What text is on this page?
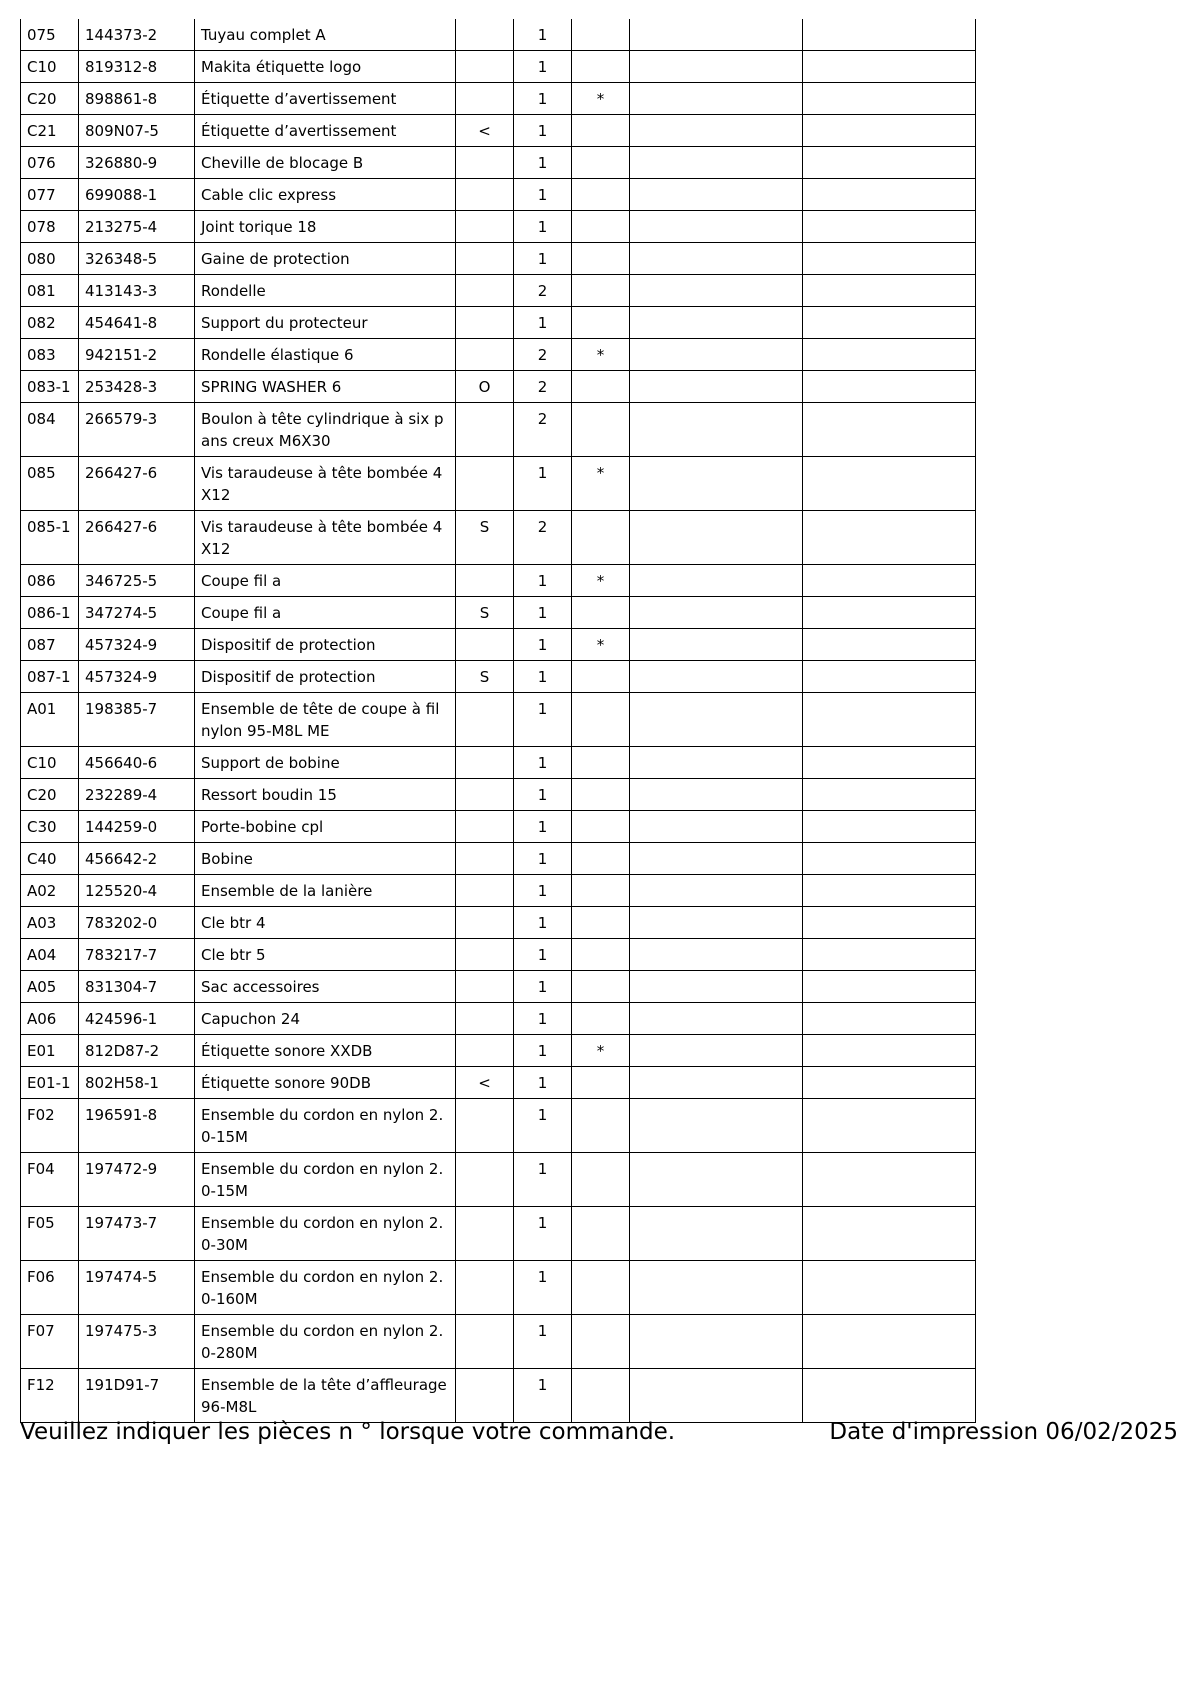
075	144373-2	Tuyau complet A		1			
C10	819312-8	Makita étiquette logo		1			
C20	898861-8	Étiquette d’avertissement		1	*		
C21	809N07-5	Étiquette d’avertissement	<	1			
076	326880-9	Cheville de blocage B		1			
077	699088-1	Cable clic express		1			
078	213275-4	Joint torique 18		1			
080	326348-5	Gaine de protection		1			
081	413143-3	Rondelle		2			
082	454641-8	Support du protecteur		1			
083	942151-2	Rondelle élastique 6		2	*		
083-1	253428-3	SPRING WASHER 6	O	2			
084	266579-3	Boulon à tête cylindrique à six pans creux M6X30		2			
085	266427-6	Vis taraudeuse à tête bombée 4X12		1	*		
085-1	266427-6	Vis taraudeuse à tête bombée 4X12	S	2			
086	346725-5	Coupe fil a		1	*		
086-1	347274-5	Coupe fil a	S	1			
087	457324-9	Dispositif de protection		1	*		
087-1	457324-9	Dispositif de protection	S	1			
A01	198385-7	Ensemble de tête de coupe à fil nylon 95-M8L ME		1			
C10	456640-6	Support de bobine		1			
C20	232289-4	Ressort boudin 15		1			
C30	144259-0	Porte-bobine cpl		1			
C40	456642-2	Bobine		1			
A02	125520-4	Ensemble de la lanière		1			
A03	783202-0	Cle btr 4		1			
A04	783217-7	Cle btr 5		1			
A05	831304-7	Sac accessoires		1			
A06	424596-1	Capuchon 24		1			
E01	812D87-2	Étiquette sonore XXDB		1	*		
E01-1	802H58-1	Étiquette sonore 90DB	<	1			
F02	196591-8	Ensemble du cordon en nylon 2.0-15M		1			
F04	197472-9	Ensemble du cordon en nylon 2.0-15M		1			
F05	197473-7	Ensemble du cordon en nylon 2.0-30M		1			
F06	197474-5	Ensemble du cordon en nylon 2.0-160M		1			
F07	197475-3	Ensemble du cordon en nylon 2.0-280M		1			
F12	191D91-7	Ensemble de la tête d’affleurage 96-M8L		1			
Veuillez indiquer les pièces n ° lorsque votre commande.	Date d'impression 06/02/2025
